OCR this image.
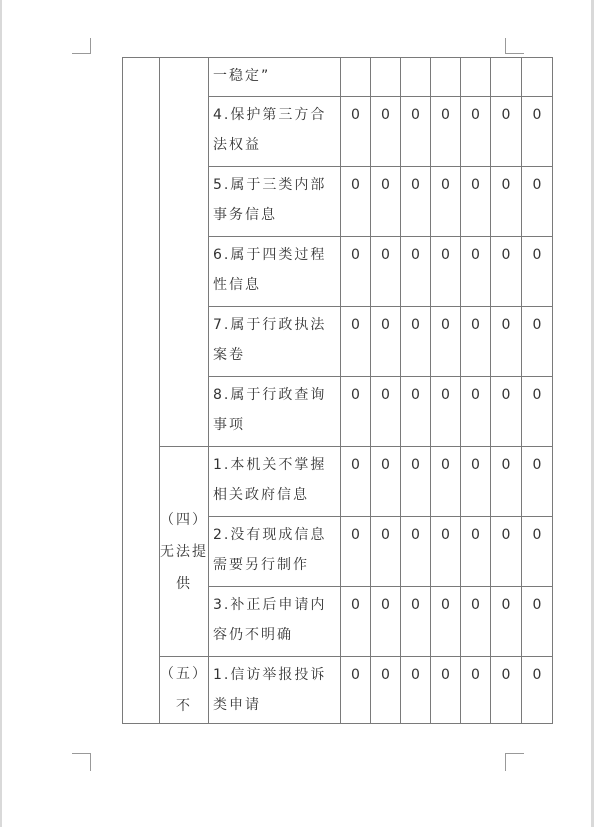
	一稳定”							

		4.保护第三方合法权益	0	0	0	0	0	0	0

		5.属于三类内部事务信息	0	0	0	0	0	0	0

		6.属于四类过程性信息	0	0	0	0	0	0	0

		7.属于行政执法案卷	0	0	0	0	0	0	0

		8.属于行政查询事项	0	0	0	0	0	0	0

	（四）无法提供	1.本机关不掌握相关政府信息	0	0	0	0	0	0	0

		2.没有现成信息需要另行制作	0	0	0	0	0	0	0

		3.补正后申请内容仍不明确	0	0	0	0	0	0	0

	（五）不	1.信访举报投诉类申请	0	0	0	0	0	0	0
